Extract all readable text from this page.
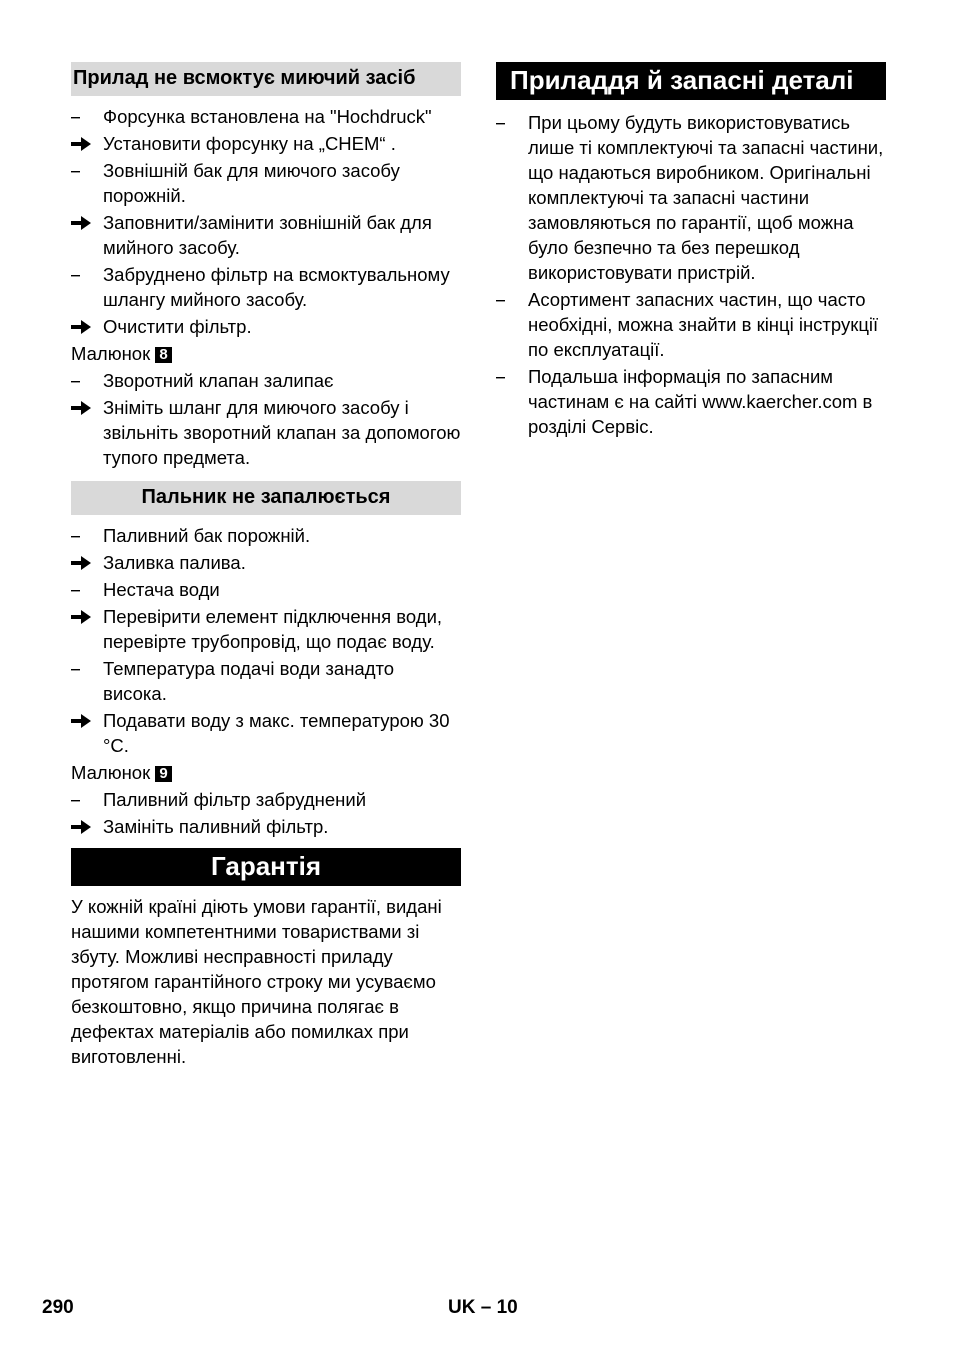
Прилад не всмоктує миючий засіб
Форсунка встановлена на "Hochdruck"
Установити форсунку на „CHEM“ .
Зовнішній бак для миючого засобу порожній.
Заповнити/замінити зовнішній бак для мийного засобу.
Забруднено фільтр на всмоктувальному шлангу мийного засобу.
Очистити фільтр.
Малюнок 8
Зворотний клапан залипає
Зніміть шланг для миючого засобу і звільніть зворотний клапан за допомогою тупого предмета.
Пальник не запалюється
Паливний бак порожній.
Заливка палива.
Нестача води
Перевірити елемент підключення води, перевірте трубопровід, що подає воду.
Температура подачі води занадто висока.
Подавати воду з макс. температурою 30 °C.
Малюнок 9
Паливний фільтр забруднений
Замініть паливний фільтр.
Гарантія
У кожній країні діють умови гарантії, видані нашими компетентними товариствами зі збуту. Можливі несправності приладу протягом гарантійного строку ми усуваємо безкоштовно, якщо причина полягає в дефектах матеріалів або помилках при виготовленні.
Приладдя й запасні деталі
При цьому будуть використовуватись лише ті комплектуючі та запасні частини, що надаються виробником. Оригінальні комплектуючі та запасні частини замовляються по гарантії, щоб можна було безпечно та без перешкод використовувати пристрій.
Асортимент запасних частин, що часто необхідні, можна знайти в кінці інструкції по експлуатації.
Подальша інформація по запасним частинам є на сайті www.kaercher.com в розділі Сервіс.
290	UK – 10
